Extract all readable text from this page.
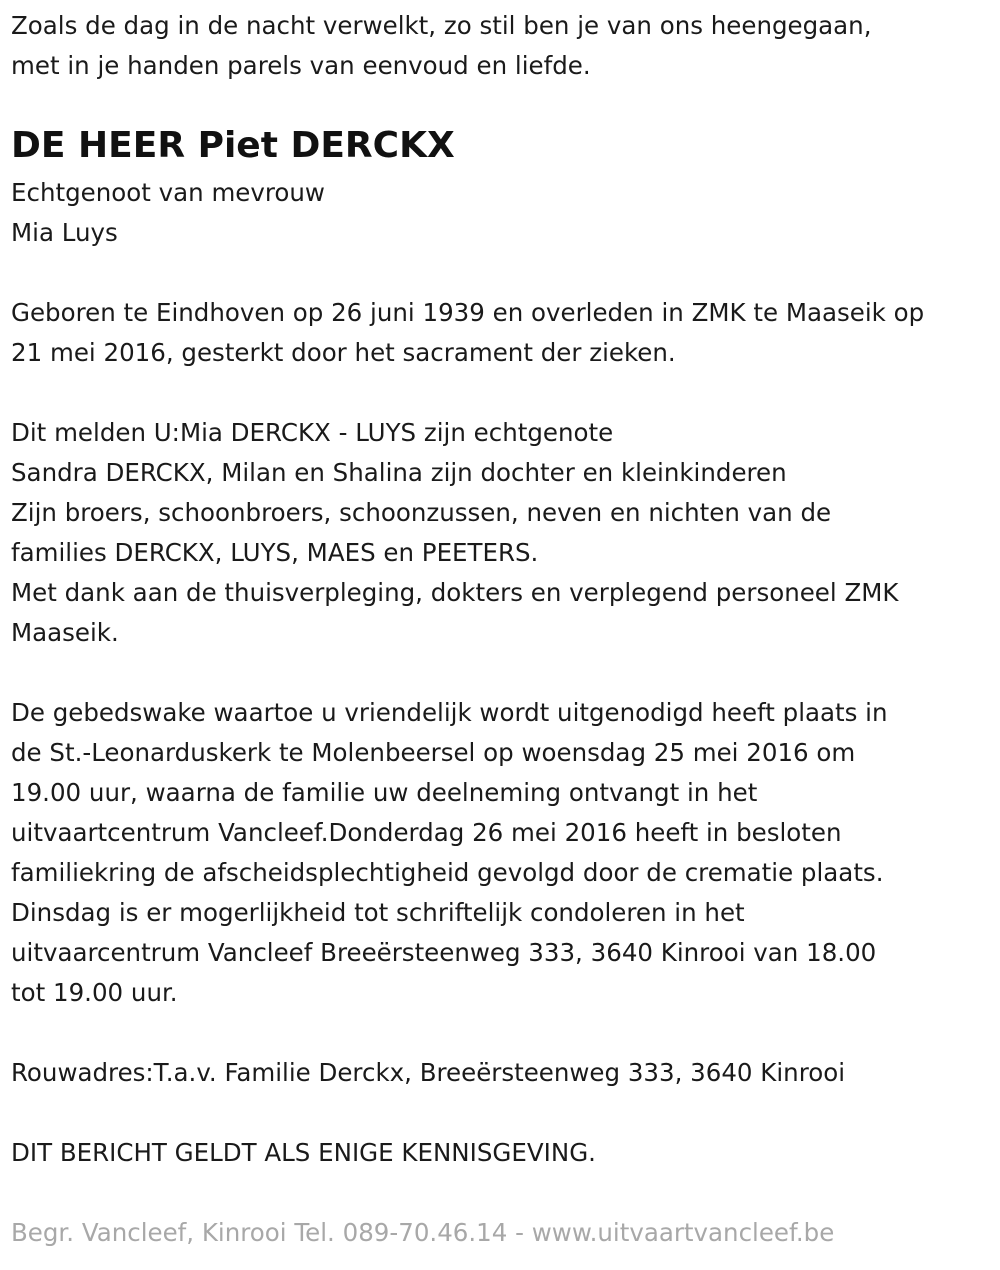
Zoals de dag in de nacht verwelkt, zo stil ben je van ons heengegaan,
met in je handen parels van eenvoud en liefde.
DE HEER Piet DERCKX
Echtgenoot van mevrouw
Mia Luys
Geboren te Eindhoven op 26 juni 1939 en overleden in ZMK te Maaseik op
21 mei 2016, gesterkt door het sacrament der zieken.
Dit melden U:Mia DERCKX - LUYS zijn echtgenote
Sandra DERCKX, Milan en Shalina zijn dochter en kleinkinderen
Zijn broers, schoonbroers, schoonzussen, neven en nichten van de
families DERCKX, LUYS, MAES en PEETERS.
Met dank aan de thuisverpleging, dokters en verplegend personeel ZMK
Maaseik.
De gebedswake waartoe u vriendelijk wordt uitgenodigd heeft plaats in
de St.-Leonarduskerk te Molenbeersel op woensdag 25 mei 2016 om
19.00 uur, waarna de familie uw deelneming ontvangt in het
uitvaartcentrum Vancleef.Donderdag 26 mei 2016 heeft in besloten
familiekring de afscheidsplechtigheid gevolgd door de crematie plaats.
Dinsdag is er mogerlijkheid tot schriftelijk condoleren in het
uitvaarcentrum Vancleef Breeërsteenweg 333, 3640 Kinrooi van 18.00
tot 19.00 uur.
Rouwadres:T.a.v. Familie Derckx, Breeërsteenweg 333, 3640 Kinrooi
DIT BERICHT GELDT ALS ENIGE KENNISGEVING.
Begr. Vancleef, Kinrooi Tel. 089-70.46.14 - www.uitvaartvancleef.be
